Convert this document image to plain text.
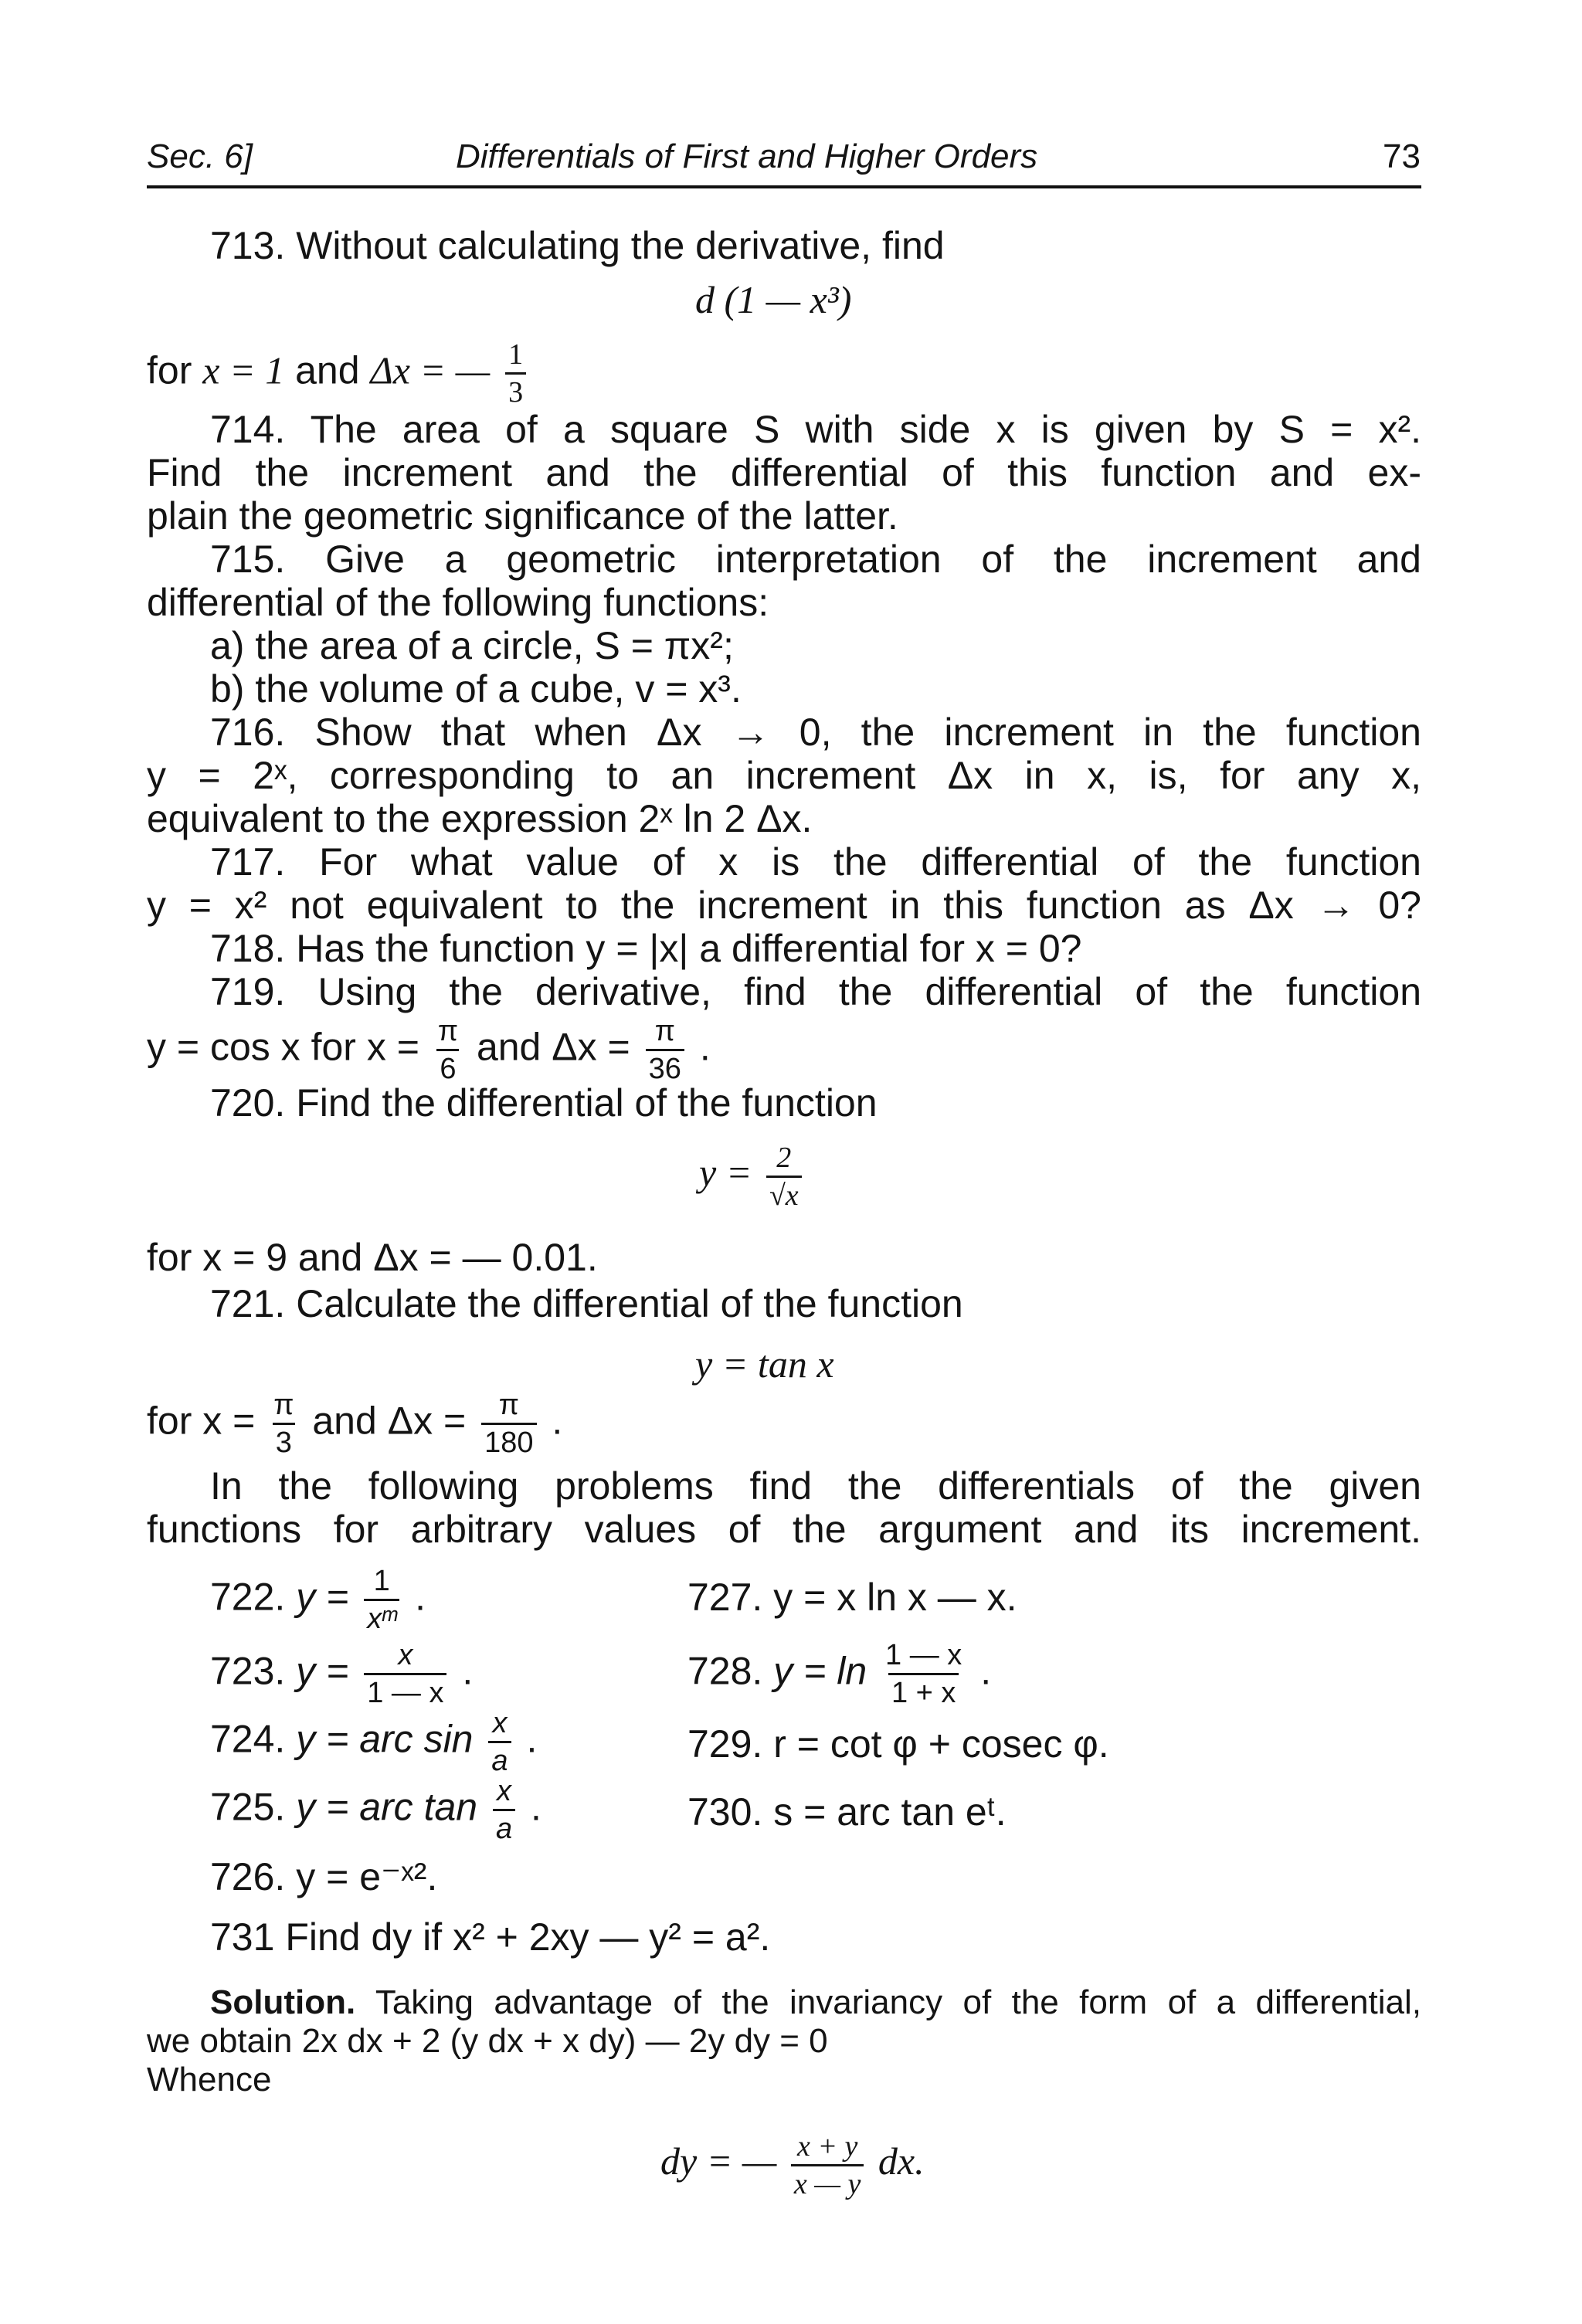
Sec. 6]	Differentials of First and Higher Orders	73
713. Without calculating the derivative, find
d (1 — x³)
for x = 1 and Δx = — $\frac{1}{3}$
714. The area of a square S with side x is given by S = x².
Find the increment and the differential of this function and ex-
plain the geometric significance of the latter.
715. Give a geometric interpretation of the increment and
differential of the following functions:
a) the area of a circle, S = πx²;
b) the volume of a cube, v = x³.
716. Show that when Δx → 0, the increment in the function
y = 2ˣ, corresponding to an increment Δx in x, is, for any x,
equivalent to the expression 2ˣ ln 2 Δx.
717. For what value of x is the differential of the function
y = x² not equivalent to the increment in this function as Δx → 0?
718. Has the function y = |x| a differential for x = 0?
719. Using the derivative, find the differential of the function
y = cos x for $x = \frac{\pi}{6}$ and $\Delta x = \frac{\pi}{36}$ .
720. Find the differential of the function
$y = \frac{2}{√x}$
for x = 9 and Δx = — 0.01.
721. Calculate the differential of the function
y = tan x
for $x = \frac{\pi}{3}$ and $\Delta x = \frac{\pi}{180}$ .
In the following problems find the differentials of the given
functions for arbitrary values of the argument and its increment.
722. $y = \frac{1}{\text{xᵐ}}$ .	727. y = x ln x — x.
723. $y = \frac{x}{1 — x}$ .	728. $y = \ln \frac{1 — x}{1 + x}$ .
724. y = arc $\sin \frac{x}{a}$ .	729. r = cot φ + cosec φ.
725. y = arc $\tan \frac{x}{a}$ .	730. s = arc tan eᵗ.
726. y = e⁻ˣ².
731 Find dy if x² + 2xy — y² = a².
Solution. Taking advantage of the invariancy of the form of a differential,
we obtain 2x dx + 2 (y dx + x dy) — 2y dy = 0
Whence
dy = — $\frac{x + y}{x — y}$ dx.
